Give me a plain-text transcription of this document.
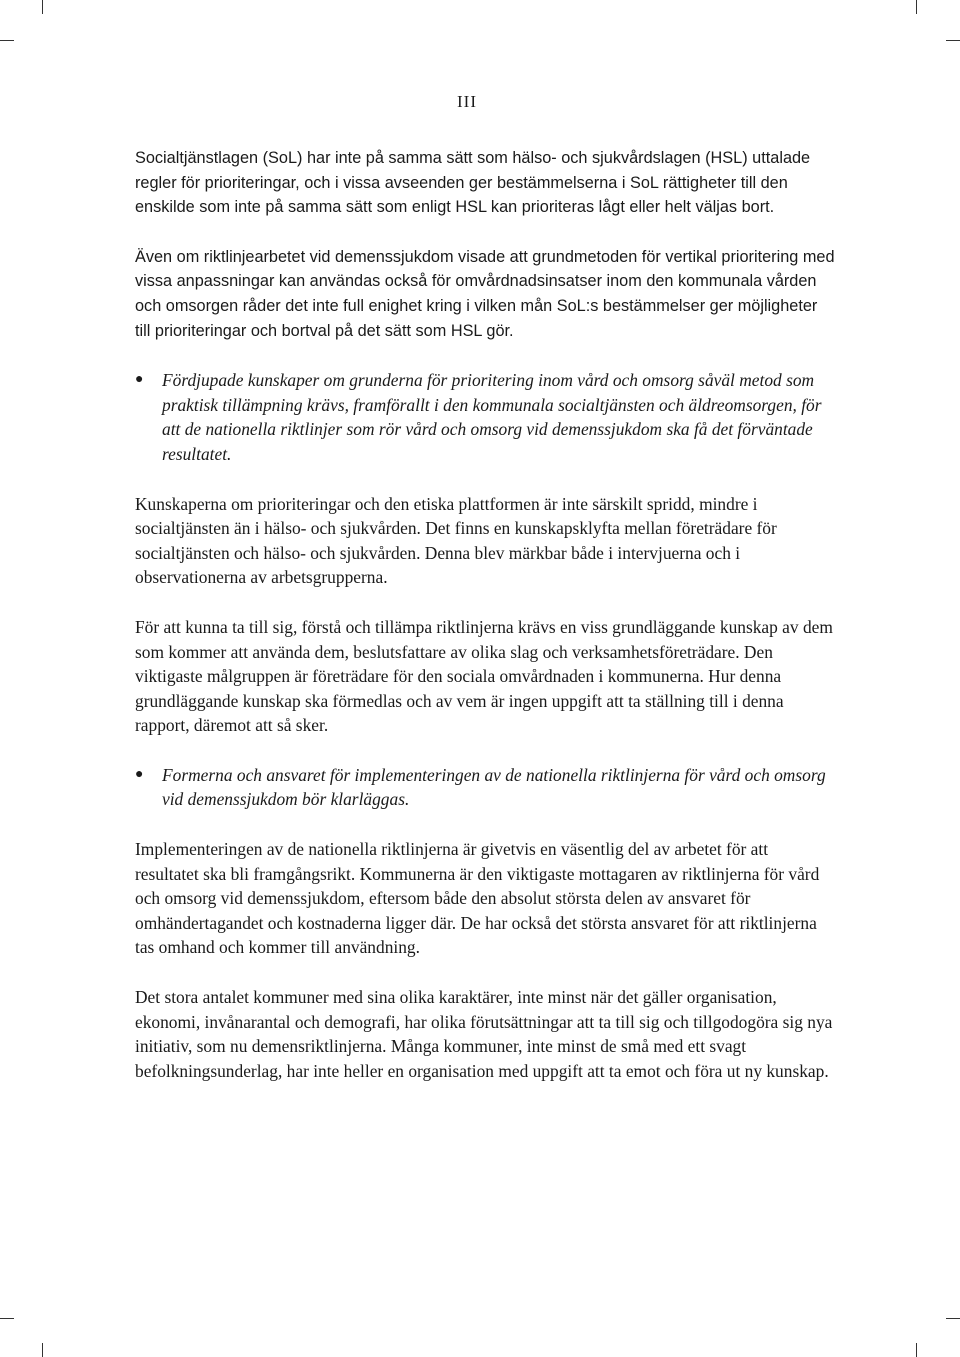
III

Socialtjänstlagen (SoL) har inte på samma sätt som hälso- och sjukvårdslagen (HSL) uttalade regler för prioriteringar, och i vissa avseenden ger bestämmelserna i SoL rättigheter till den enskilde som inte på samma sätt som enligt HSL kan prioriteras lågt eller helt väljas bort.

Även om riktlinjearbetet vid demenssjukdom visade att grundmetoden för vertikal prioritering med vissa anpassningar kan användas också för omvårdnadsinsatser inom den kommunala vården och omsorgen råder det inte full enighet kring i vilken mån SoL:s bestämmelser ger möjligheter till prioriteringar och bortval på det sätt som HSL gör.

●	Fördjupade kunskaper om grunderna för prioritering inom vård och omsorg såväl metod som praktisk tillämpning krävs, framförallt i den kommunala socialtjänsten och äldreomsorgen, för att de nationella riktlinjer som rör vård och omsorg vid demenssjukdom ska få det förväntade resultatet.

Kunskaperna om prioriteringar och den etiska plattformen är inte särskilt spridd, mindre i socialtjänsten än i hälso- och sjukvården. Det finns en kunskapsklyfta mellan företrädare för socialtjänsten och hälso- och sjukvården. Denna blev märkbar både i intervjuerna och i observationerna av arbetsgrupperna.

För att kunna ta till sig, förstå och tillämpa riktlinjerna krävs en viss grundläggande kunskap av dem som kommer att använda dem, beslutsfattare av olika slag och verksamhetsföreträdare. Den viktigaste målgruppen är företrädare för den sociala omvårdnaden i kommunerna. Hur denna grundläggande kunskap ska förmedlas och av vem är ingen uppgift att ta ställning till i denna rapport, däremot att så sker.

●	Formerna och ansvaret för implementeringen av de nationella riktlinjerna för vård och omsorg vid demenssjukdom bör klarläggas.

Implementeringen av de nationella riktlinjerna är givetvis en väsentlig del av arbetet för att resultatet ska bli framgångsrikt. Kommunerna är den viktigaste mottagaren av riktlinjerna för vård och omsorg vid demenssjukdom, eftersom både den absolut största delen av ansvaret för omhändertagandet och kostnaderna ligger där. De har också det största ansvaret för att riktlinjerna tas omhand och kommer till användning.

Det stora antalet kommuner med sina olika karaktärer, inte minst när det gäller organisation, ekonomi, invånarantal och demografi, har olika förutsättningar att ta till sig och tillgodogöra sig nya initiativ, som nu demensriktlinjerna. Många kommuner, inte minst de små med ett svagt befolkningsunderlag, har inte heller en organisation med uppgift att ta emot och föra ut ny kunskap.
